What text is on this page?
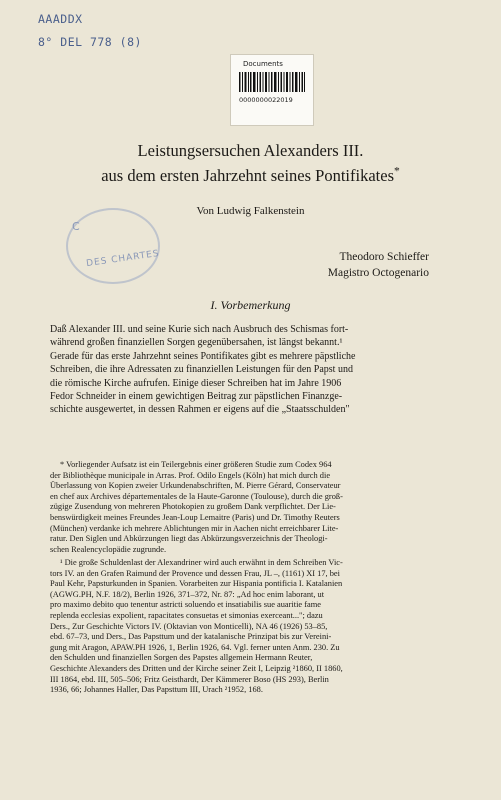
AAADDX
8° DEL 778 (8)
Documents
0000000022019
C
DES CHARTES
Leistungsersuchen Alexanders III.
aus dem ersten Jahrzehnt seines Pontifikates*
Von Ludwig Falkenstein
Theodoro Schieffer
Magistro Octogenario
I. Vorbemerkung
Daß Alexander III. und seine Kurie sich nach Ausbruch des Schismas fort-
während großen finanziellen Sorgen gegenübersahen, ist längst bekannt.¹
Gerade für das erste Jahrzehnt seines Pontifikates gibt es mehrere päpstliche
Schreiben, die ihre Adressaten zu finanziellen Leistungen für den Papst und
die römische Kirche aufrufen. Einige dieser Schreiben hat im Jahre 1906
Fedor Schneider in einem gewichtigen Beitrag zur päpstlichen Finanzge-
schichte ausgewertet, in dessen Rahmen er eigens auf die „Staatsschulden"
* Vorliegender Aufsatz ist ein Teilergebnis einer größeren Studie zum Codex 964
der Bibliothèque municipale in Arras. Prof. Odilo Engels (Köln) hat mich durch die
Überlassung von Kopien zweier Urkundenabschriften, M. Pierre Gérard, Conservateur
en chef aux Archives départementales de la Haute-Garonne (Toulouse), durch die groß-
zügige Zusendung von mehreren Photokopien zu großem Dank verpflichtet. Der Lie-
benswürdigkeit meines Freundes Jean-Loup Lemaitre (Paris) und Dr. Timothy Reuters
(München) verdanke ich mehrere Ablichtungen mir in Aachen nicht erreichbarer Lite-
ratur. Den Siglen und Abkürzungen liegt das Abkürzungsverzeichnis der Theologi-
schen Realencyclopädie zugrunde.
¹ Die große Schuldenlast der Alexandriner wird auch erwähnt in dem Schreiben Vic-
tors IV. an den Grafen Raimund der Provence und dessen Frau, JL –, (1161) XI 17, bei
Paul Kehr, Papsturkunden in Spanien. Vorarbeiten zur Hispania pontificia I. Katalanien
(AGWG.PH, N.F. 18/2), Berlin 1926, 371–372, Nr. 87: „Ad hoc enim laborant, ut
pro maximo debito quo tenentur astricti soluendo et insatiabilis sue auaritie fame
replenda ecclesias expolient, rapacitates consuetas et simonias exerceant..."; dazu
Ders., Zur Geschichte Victors IV. (Oktavian von Monticelli), NA 46 (1926) 53–85,
ebd. 67–73, und Ders., Das Papsttum und der katalanische Prinzipat bis zur Vereini-
gung mit Aragon, APAW.PH 1926, 1, Berlin 1926, 64. Vgl. ferner unten Anm. 230. Zu
den Schulden und finanziellen Sorgen des Papstes allgemein Hermann Reuter,
Geschichte Alexanders des Dritten und der Kirche seiner Zeit I, Leipzig ²1860, II 1860,
III 1864, ebd. III, 505–506; Fritz Geisthardt, Der Kämmerer Boso (HS 293), Berlin
1936, 66; Johannes Haller, Das Papsttum III, Urach ²1952, 168.
